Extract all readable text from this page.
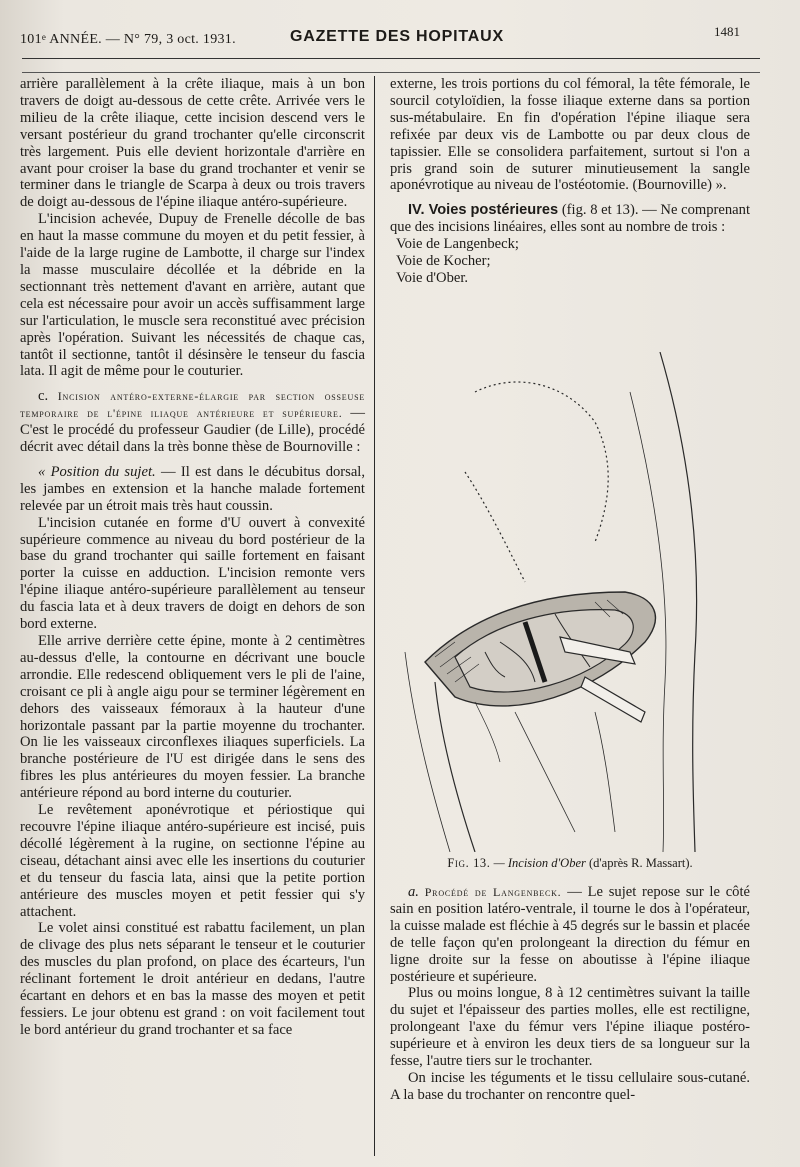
101e ANNÉE. — N° 79, 3 oct. 1931.	GAZETTE DES HOPITAUX	1481

arrière parallèlement à la crête iliaque, mais à un bon travers de doigt au-dessous de cette crête. Arrivée vers le milieu de la crête iliaque, cette incision descend vers le versant postérieur du grand trochanter qu'elle circonscrit très largement. Puis elle devient horizontale d'arrière en avant pour croiser la base du grand trochanter et venir se terminer dans le triangle de Scarpa à deux ou trois travers de doigt au-dessous de l'épine iliaque antéro-supérieure.

L'incision achevée, Dupuy de Frenelle décolle de bas en haut la masse commune du moyen et du petit fessier, à l'aide de la large rugine de Lambotte, il charge sur l'index la masse musculaire décollée et la débride en la sectionnant très nettement d'avant en arrière, autant que cela est nécessaire pour avoir un accès suffisamment large sur l'articulation, le muscle sera reconstitué avec précision après l'opération. Suivant les nécessités de chaque cas, tantôt il sectionne, tantôt il désinsère le tenseur du fascia lata. Il agit de même pour le couturier.

c. Incision antéro-externe-élargie par section osseuse temporaire de l'épine iliaque antérieure et supérieure. — C'est le procédé du professeur Gaudier (de Lille), procédé décrit avec détail dans la très bonne thèse de Bournoville :

« Position du sujet. — Il est dans le décubitus dorsal, les jambes en extension et la hanche malade fortement relevée par un étroit mais très haut coussin.

L'incision cutanée en forme d'U ouvert à convexité supérieure commence au niveau du bord postérieur de la base du grand trochanter qui saille fortement en faisant porter la cuisse en adduction. L'incision remonte vers l'épine iliaque antéro-supérieure parallèlement au tenseur du fascia lata et à deux travers de doigt en dehors de son bord externe.

Elle arrive derrière cette épine, monte à 2 centimètres au-dessus d'elle, la contourne en décrivant une boucle arrondie. Elle redescend obliquement vers le pli de l'aine, croisant ce pli à angle aigu pour se terminer légèrement en dehors des vaisseaux fémoraux à la hauteur d'une horizontale passant par la partie moyenne du trochanter. On lie les vaisseaux circonflexes iliaques superficiels. La branche postérieure de l'U est dirigée dans le sens des fibres les plus antérieures du moyen fessier. La branche antérieure répond au bord interne du couturier.

Le revêtement aponévrotique et périostique qui recouvre l'épine iliaque antéro-supérieure est incisé, puis décollé légèrement à la rugine, on sectionne l'épine au ciseau, détachant ainsi avec elle les insertions du couturier et du tenseur du fascia lata, ainsi que la petite portion antérieure des muscles moyen et petit fessier qui s'y attachent.

Le volet ainsi constitué est rabattu facilement, un plan de clivage des plus nets séparant le tenseur et le couturier des muscles du plan profond, on place des écarteurs, l'un réclinant fortement le droit antérieur en dedans, l'autre écartant en dehors et en bas la masse des moyen et petit fessiers. Le jour obtenu est grand : on voit facilement tout le bord antérieur du grand trochanter et sa face

externe, les trois portions du col fémoral, la tête fémorale, le sourcil cotyloïdien, la fosse iliaque externe dans sa portion sus-métabulaire. En fin d'opération l'épine iliaque sera refixée par deux vis de Lambotte ou par deux clous de tapissier. Elle se consolidera parfaitement, surtout si l'on a pris grand soin de suturer minutieusement la sangle aponévrotique au niveau de l'ostéotomie. (Bournoville) ».

IV. Voies postérieures (fig. 8 et 13). — Ne comprenant que des incisions linéaires, elles sont au nombre de trois :

Voie de Langenbeck;

Voie de Kocher;

Voie d'Ober.

Fig. 13. — Incision d'Ober (d'après R. Massart).

a. Procédé de Langenbeck. — Le sujet repose sur le côté sain en position latéro-ventrale, il tourne le dos à l'opérateur, la cuisse malade est fléchie à 45 degrés sur le bassin et placée de telle façon qu'en prolongeant la direction du fémur en ligne droite sur la fesse on aboutisse à l'épine iliaque postérieure et supérieure.

Plus ou moins longue, 8 à 12 centimètres suivant la taille du sujet et l'épaisseur des parties molles, elle est rectiligne, prolongeant l'axe du fémur vers l'épine iliaque postéro-supérieure et à environ les deux tiers de sa longueur sur la fesse, l'autre tiers sur le trochanter.

On incise les téguments et le tissu cellulaire sous-cutané. A la base du trochanter on rencontre quel-
